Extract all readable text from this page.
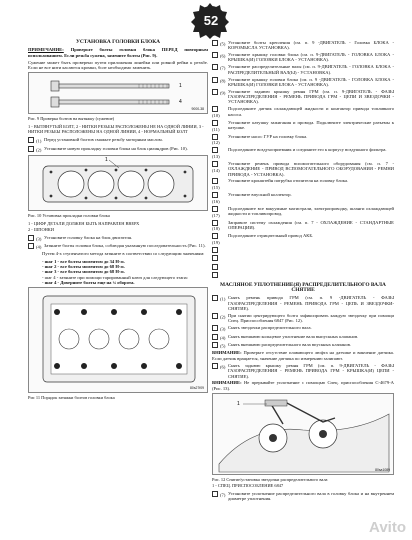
52
УСТАНОВКА ГОЛОВКИ БЛОКА
ПРИМЕЧАНИЕ: Проверьте болты головки блока ПЕРЕД повторным использованием. Если резьба сужена, замените болты (Рис. 9).
Сужение может быть проверено путем приложения линейки или ровной рейки к резьбе. Если не все нити касаются кромки, болт необходимо заменить.
1
4
9000-38
Рис. 9 Проверка болтов на вытяжку (сужение)
1 - ВЫТЯНУТЫЙ БОЛТ, 2 - НИТКИ РЕЗЬБЫ РАСПОЛОЖЕНЫ НЕ НА ОДНОЙ ЛИНИИ, 3 - НИТКИ РЕЗЬБЫ РАСПОЛОЖЕНЫ НА ОДНОЙ ЛИНИИ, 4 - НОРМАЛЬНЫЙ БОЛТ
(1) Перед установкой болтов смажьте резьбу моторным маслом.
(2) Установите новую прокладку головки блока на блок цилиндров (Рис. 10).
1
Рис. 10 Установка прокладки головки блока
1 - ЦИФР ДЕТАЛИ ДОЛЖЕН БЫТЬ НАПРАВЛЕН ВВЕРХ
2 - ШПОНКИ
(3) Установите головку блока на блок двигателя.
(4) Затяните болты головки блока, соблюдая указанную последовательность (Рис. 11).
Путем 4-х ступенчатого метода затяните в соответствии со следующим значениям:
- шаг 1 - все болты моментом до 34 Н·м.
- шаг 2 - все болты моментом до 68 Н·м.
- шаг 3 - все болты моментом до 68 Н·м.
- шаг 4 - затяните при помощи тарированный ключ для следующего этапа:
- шаг 4 - Доверните болты еще на ¼ оборота.
80s27f09
Рис 11 Порядок затяжки болтов головки блока
(5) Установите болты крепления (см. п. 9 -ДВИГАТЕЛЬ - Головка БЛОКА - КОРОМЫСЛА УСТАНОВКА).
(6) Установите крышку головки блока (см. п. 9-ДВИГАТЕЛЬ - ГОЛОВКА БЛОКА - КРЫШКА(И) ГОЛОВКИ БЛОКА - УСТАНОВКА).
(7) Установите распределительные валы (см. п. 9-ДВИГАТЕЛЬ - ГОЛОВКА БЛОКА - РАСПРЕДЕЛИТЕЛЬНЫЙ ВАЛ(Ы) - УСТАНОВКА).
(8) Установите крышку головки блока (см. п. 9 -ДВИГАТЕЛЬ - ГОЛОВКА БЛОКА - КРЫШКА(И) ГОЛОВКИ БЛОКА - УСТАНОВКА).
(9) Установите заднюю крышку ремня ГРМ (см. п. 9-ДВИГАТЕЛЬ - ФАЗЫ ГАЗОРАСПРЕДЕЛЕНИЯ - РЕМЕНЬ ПРИВОДА ГРМ - ЦЕПИ И ЗВЕЗДОЧКИ - УСТАНОВКА).
(10)
Подсоедините датчик охлаждающей жидкости и контактор привода топливного насоса.
(11)
Установите катушку зажигания и провода. Подключите электрические разъемы к катушке.
(12)
Установите насос ГУР на головку блока.
(13)
Подсоедините воздухоприемник и соедините его к корпусу воздушного фильтра.
(14)
Установите ремень привода вспомогательного оборудования (см. п. 7 - ОХЛАЖДЕНИЕ - ПРИВОД ВСПОМОГАТЕЛЬНОГО ОБОРУДОВАНИЯ - РЕМНИ ПРИВОДА - УСТАНОВКА).
(15)
Установите кронштейн патрубка отопителя на головку блока.
(16)
Установите впускной коллектор.
(17)
Подсоедините все вакуумные магистрали, электропроводку, шланги охлаждающей жидкости и топливопровод.
(18)
Заправьте систему охлаждения (см. п. 7 - ОХЛАЖДЕНИЕ - СТАНДАРТНЫЕ ОПЕРАЦИИ).
(19)
Подсоедините отрицательный провод АКБ.
МАСЛЯНОЕ УПЛОТНЕНИЕ(Я) РАСПРЕДЕЛИТЕЛЬНОГО ВАЛА СНЯТИЕ
(1) Снять ремень привода ГРМ (см. п. 9 -ДВИГАТЕЛЬ - ФАЗЫ ГАЗОРАСПРЕДЕЛЕНИЯ - РЕМЕНЬ ПРИВОДА ГРМ - ЦЕПЬ И ЗВЕЗДОЧКИ-СНЯТИЕ).
(2) При снятии центрирующего болта зафиксировать каждую звездочку при помощи Спец. Приспособления 6847 (Рис. 12).
(3) Снять звездочки распределительного вала.
(4) Снять внешнюю кольцевое уплотнение вала выпускных клапанов.
(5) Снять внешнюю распределительного вала впускных клапанов.
ВНИМАНИЕ: Проверьте отсутствие плавающего люфта на датчике и винчение датчика. Если датчик вращается, значение датчика по измерению залипают.
(6) Снять заднюю крышку ремня ГРМ (см. п. 9-ДВИГАТЕЛЬ - ФАЗЫ ГАЗОРАСПРЕДЕЛЕНИЯ - РЕМЕНЬ ПРИВОДА ГРМ - КРЫШКА(И) ЦЕПИ - СНЯТИЕ).
ВНИМАНИЕ: Не прерывайте уплотнение с помощью Спец. приспособления С-4679-А (Рис. 13).
1
80sa1089
Рис. 12 Снятие/установка звездочки распределительного вала
1 - СПЕЦ. ПРИСПОСОБЛЕНИЕ 6847
(7) Установите уплотнение распределительного вала в головку блока и на внутреннем диаметре уплотнения.
Avito
